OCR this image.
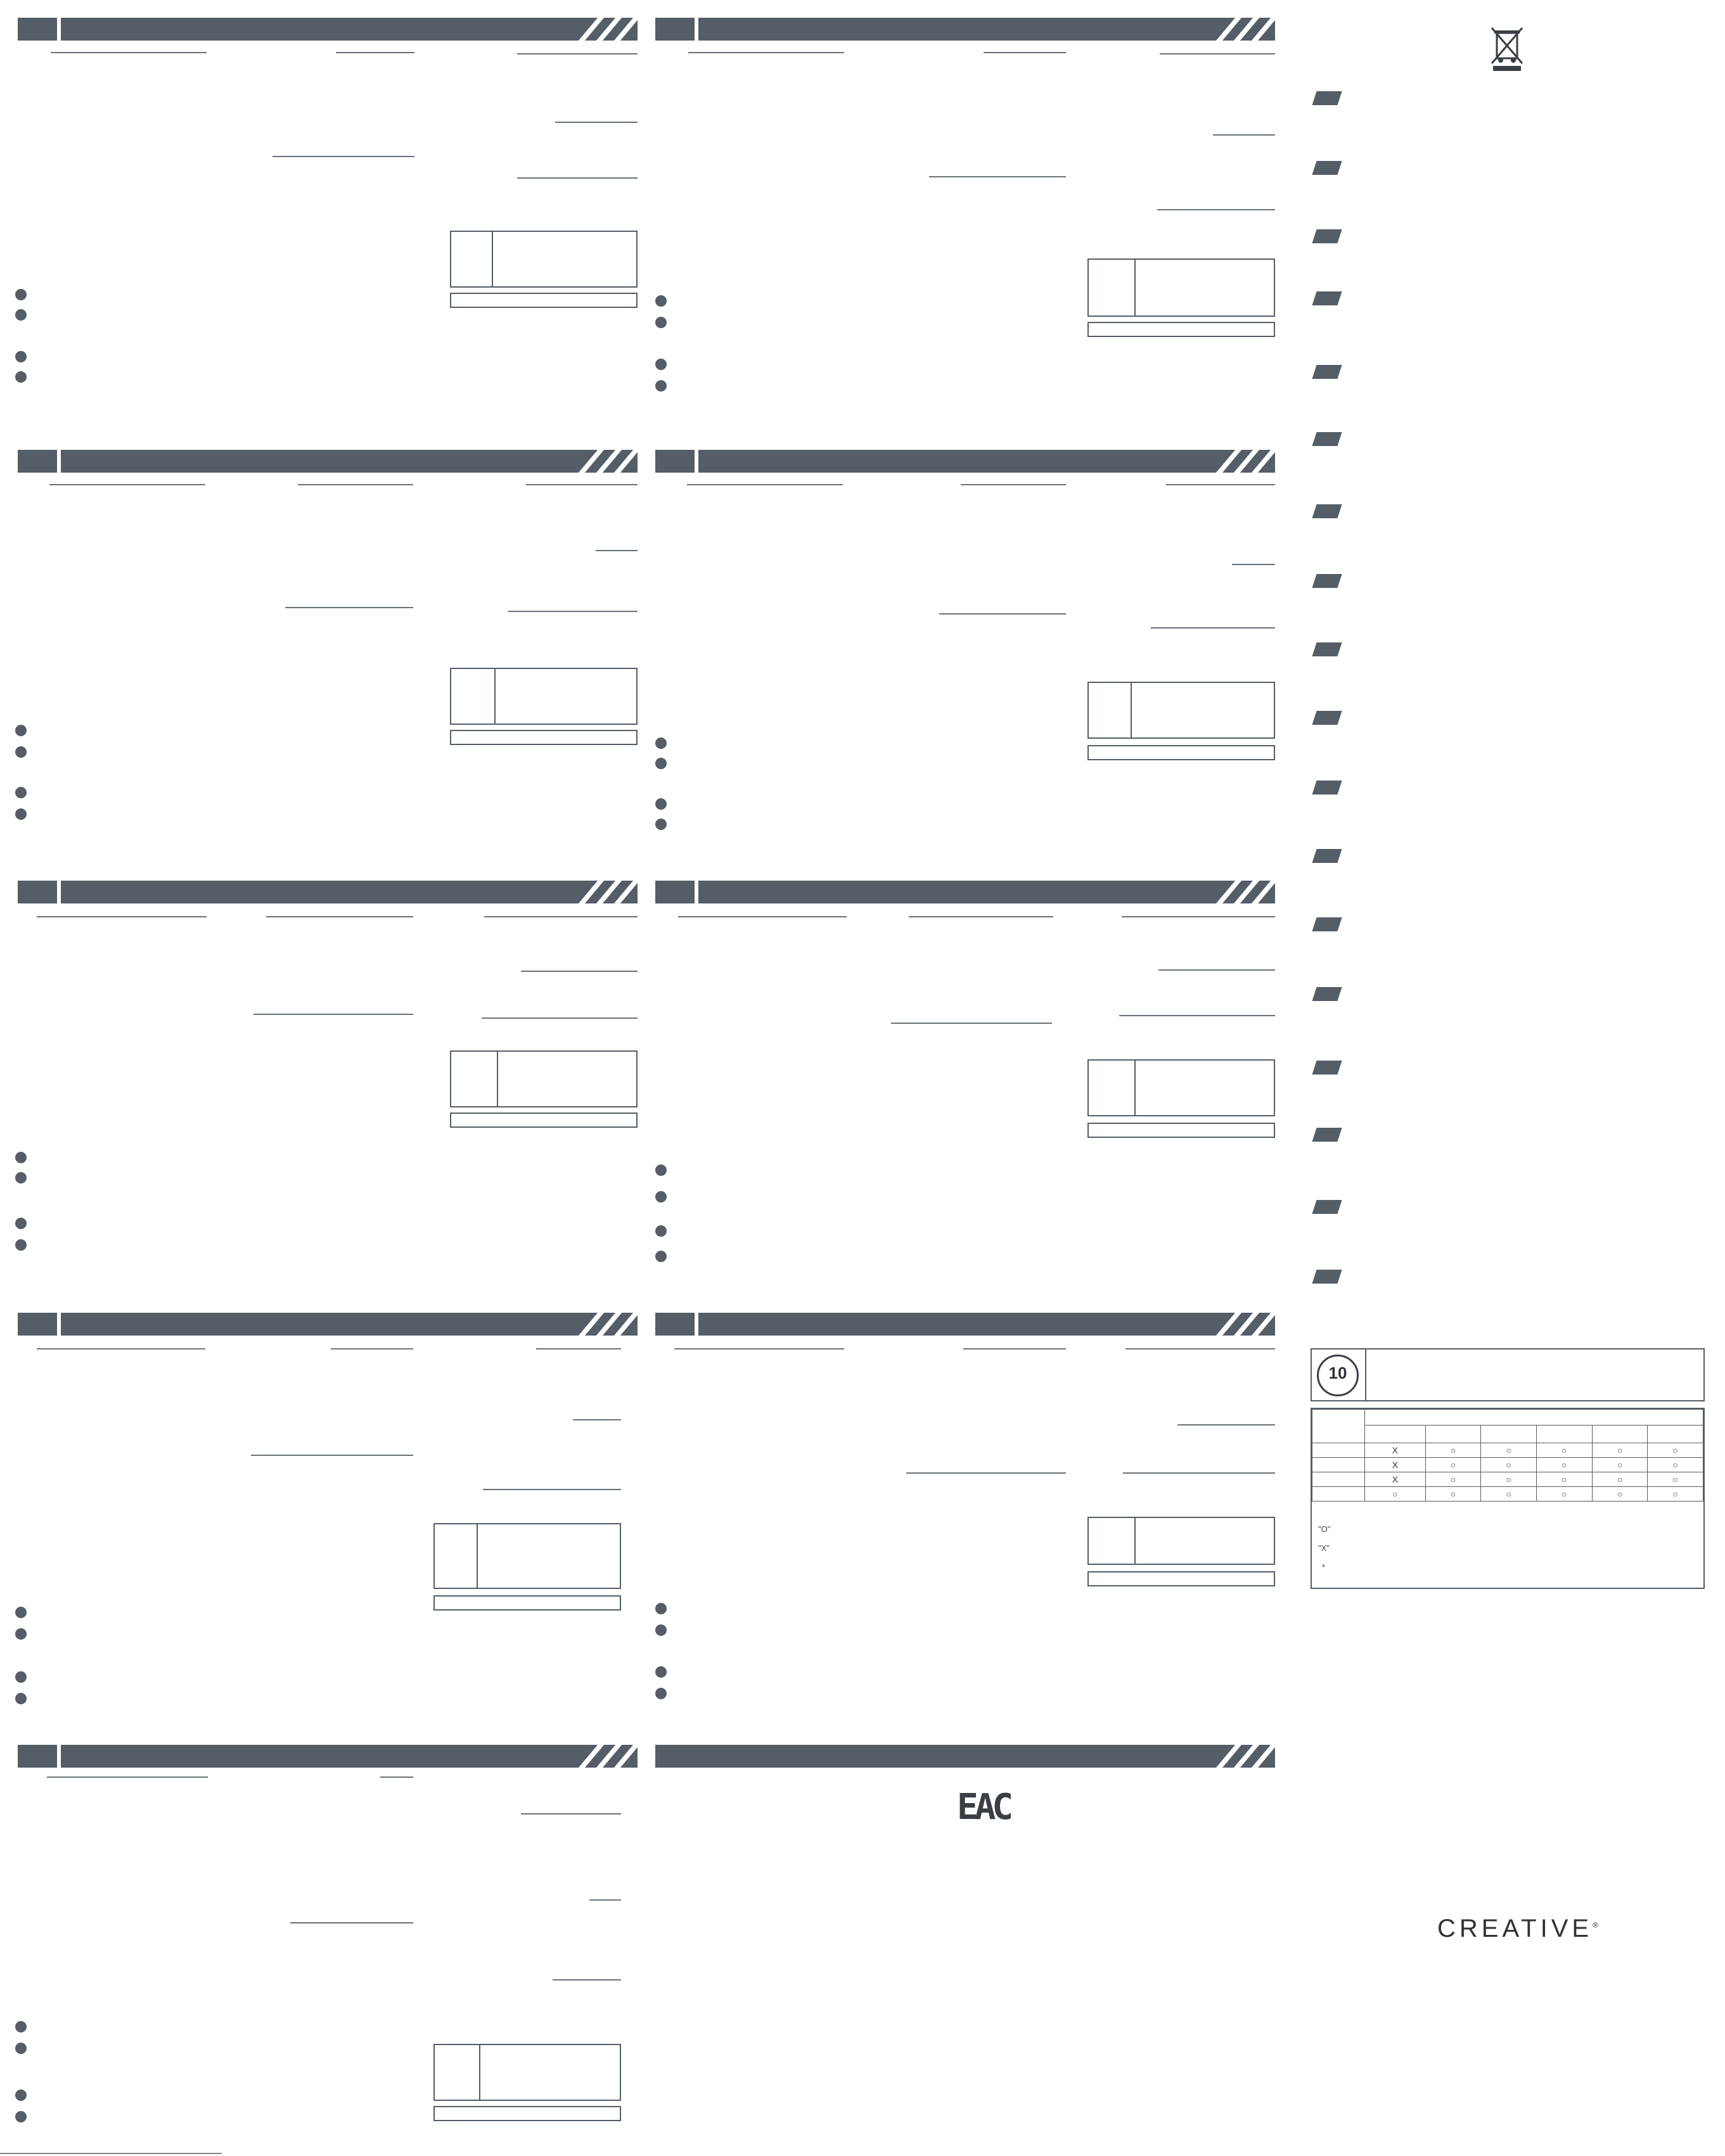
10

	X	○	○	○	○	○
	X	○	○	○	○	○
	X	○	○	○	○	○
	○	○	○	○	○	○
"O"
"X"
*
EAC
CREATIVE®
